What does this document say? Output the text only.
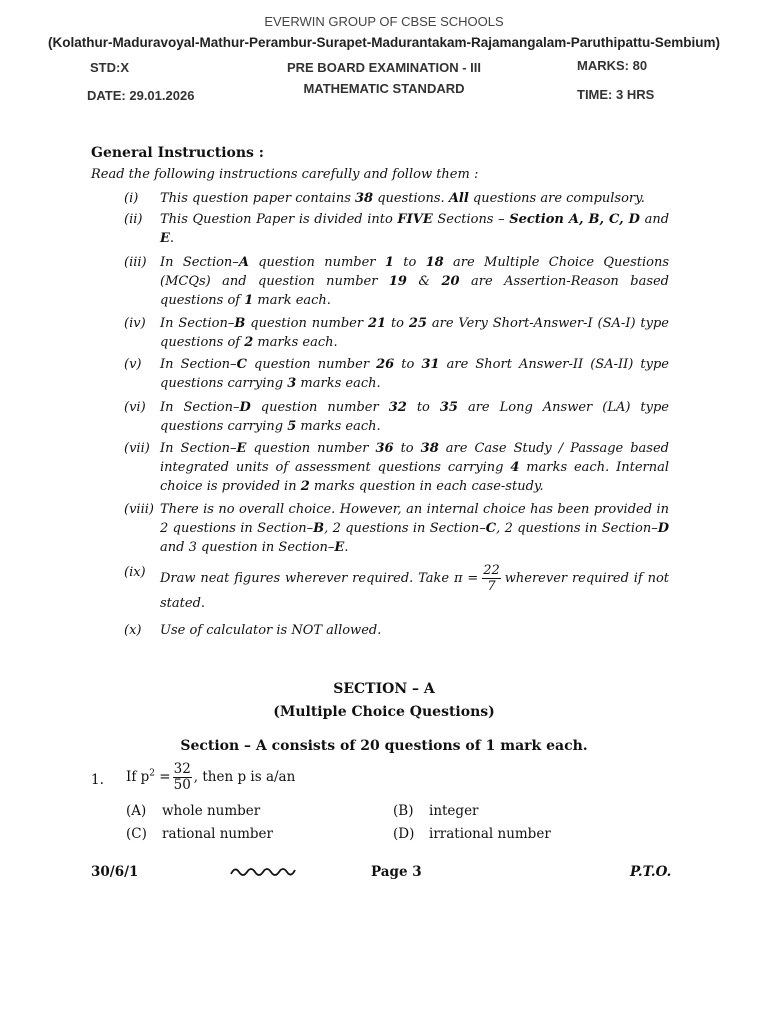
EVERWIN GROUP OF CBSE SCHOOLS
(Kolathur-Maduravoyal-Mathur-Perambur-Surapet-Madurantakam-Rajamangalam-Paruthipattu-Sembium)
STD:X	PRE BOARD EXAMINATION - III	MARKS: 80
DATE: 29.01.2026	MATHEMATIC STANDARD	TIME: 3 HRS
General Instructions :
Read the following instructions carefully and follow them :
(i) This question paper contains 38 questions. All questions are compulsory.
(ii) This Question Paper is divided into FIVE Sections – Section A, B, C, D and E.
(iii) In Section–A question number 1 to 18 are Multiple Choice Questions (MCQs) and question number 19 & 20 are Assertion-Reason based questions of 1 mark each.
(iv) In Section–B question number 21 to 25 are Very Short-Answer-I (SA-I) type questions of 2 marks each.
(v) In Section–C question number 26 to 31 are Short Answer-II (SA-II) type questions carrying 3 marks each.
(vi) In Section–D question number 32 to 35 are Long Answer (LA) type questions carrying 5 marks each.
(vii) In Section–E question number 36 to 38 are Case Study / Passage based integrated units of assessment questions carrying 4 marks each. Internal choice is provided in 2 marks question in each case-study.
(viii) There is no overall choice. However, an internal choice has been provided in 2 questions in Section–B, 2 questions in Section–C, 2 questions in Section–D and 3 question in Section–E.
(ix) Draw neat figures wherever required. Take $\pi = \frac{22}{7}$ wherever required if not stated.
(x) Use of calculator is NOT allowed.
SECTION – A
(Multiple Choice Questions)
Section – A consists of 20 questions of 1 mark each.
1. If $p^2 = \frac{32}{50}$ , then p is a/an
(A) whole number	(B) integer
(C) rational number	(D) irrational number
30/6/1	Page 3	P.T.O.
